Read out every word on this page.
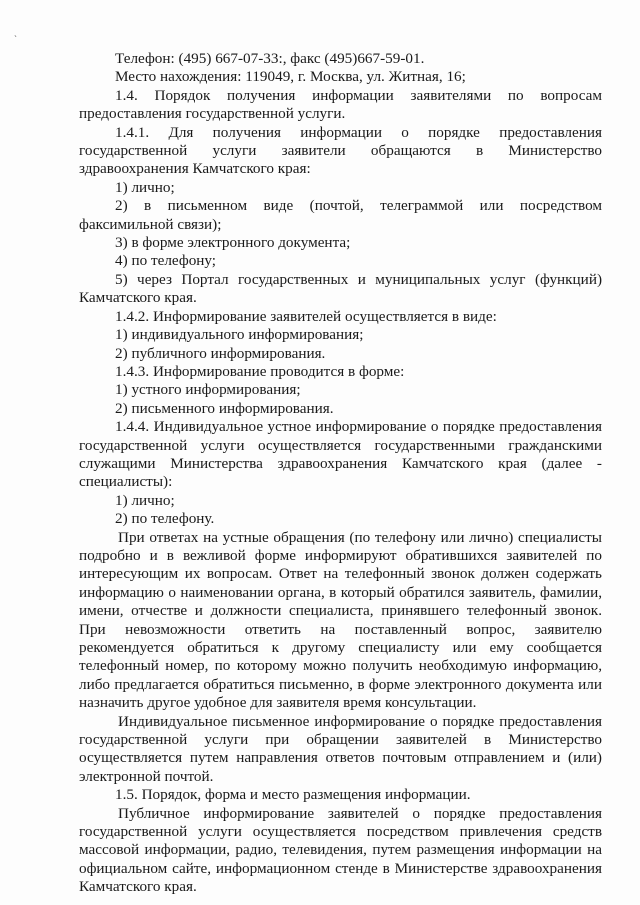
`

Телефон: (495) 667-07-33:, факс (495)667-59-01.

Место нахождения: 119049, г. Москва, ул. Житная, 16;

1.4. Порядок получения информации заявителями по вопросам предоставления государственной услуги.

1.4.1. Для получения информации о порядке предоставления государственной услуги заявители обращаются в Министерство здравоохранения Камчатского края:

1) лично;

2) в письменном виде (почтой, телеграммой или посредством факсимильной связи);

3) в форме электронного документа;

4) по телефону;

5) через Портал государственных и муниципальных услуг (функций) Камчатского края.

1.4.2. Информирование заявителей осуществляется в виде:

1) индивидуального информирования;

2) публичного информирования.

1.4.3. Информирование проводится в форме:

1) устного информирования;

2) письменного информирования.

1.4.4. Индивидуальное устное информирование о порядке предоставления государственной услуги осуществляется государственными гражданскими служащими Министерства здравоохранения Камчатского края (далее - специалисты):

1) лично;

2) по телефону.

При ответах на устные обращения (по телефону или лично) специалисты подробно и в вежливой форме информируют обратившихся заявителей по интересующим их вопросам. Ответ на телефонный звонок должен содержать информацию о наименовании органа, в который обратился заявитель, фамилии, имени, отчестве и должности специалиста, принявшего телефонный звонок. При невозможности ответить на поставленный вопрос, заявителю рекомендуется обратиться к другому специалисту или ему сообщается телефонный номер, по которому можно получить необходимую информацию, либо предлагается обратиться письменно, в форме электронного документа или назначить другое удобное для заявителя время консультации.

Индивидуальное письменное информирование о порядке предоставления государственной услуги при обращении заявителей в Министерство осуществляется путем направления ответов почтовым отправлением и (или) электронной почтой.

1.5. Порядок, форма и место размещения информации.

Публичное информирование заявителей о порядке предоставления государственной услуги осуществляется посредством привлечения средств массовой информации, радио, телевидения, путем размещения информации на официальном сайте, информационном стенде в Министерстве здравоохранения Камчатского края.
